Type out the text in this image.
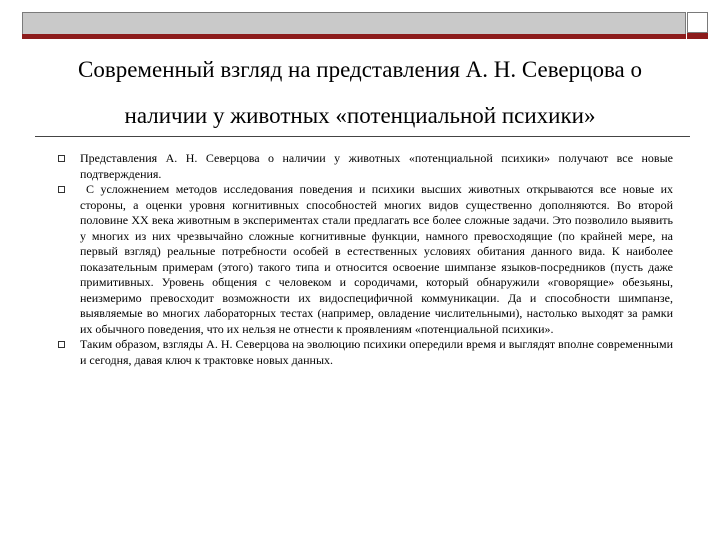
Современный взгляд на представления А. Н. Северцова о
наличии у животных «потенциальной психики»
Представления А. Н. Северцова о наличии у животных «потенциальной психики» получают все новые подтверждения.
С усложнением методов исследования поведения и психики высших животных открываются все новые их стороны, а оценки уровня когнитивных способностей многих видов существенно дополняются. Во второй половине XX века животным в экспериментах стали предлагать все более сложные задачи. Это позволило выявить у многих из них чрезвычайно сложные когнитивные функции, намного превосходящие (по крайней мере, на первый взгляд) реальные потребности особей в естественных условиях обитания данного вида. К наиболее показательным примерам (этого) такого типа и относится освоение шимпанзе языков-посредников (пусть даже примитивных. Уровень общения с человеком и сородичами, который обнаружили «говорящие» обезьяны, неизмеримо превосходит возможности их видоспецифичной коммуникации. Да и способности шимпанзе, выявляемые во многих лабораторных тестах (например, овладение числительными), настолько выходят за рамки их обычного поведения, что их нельзя не отнести к проявлениям «потенциальной психики».
Таким образом, взгляды А. Н. Северцова на эволюцию психики опередили время и выглядят вполне современными и сегодня, давая ключ к трактовке новых данных.
